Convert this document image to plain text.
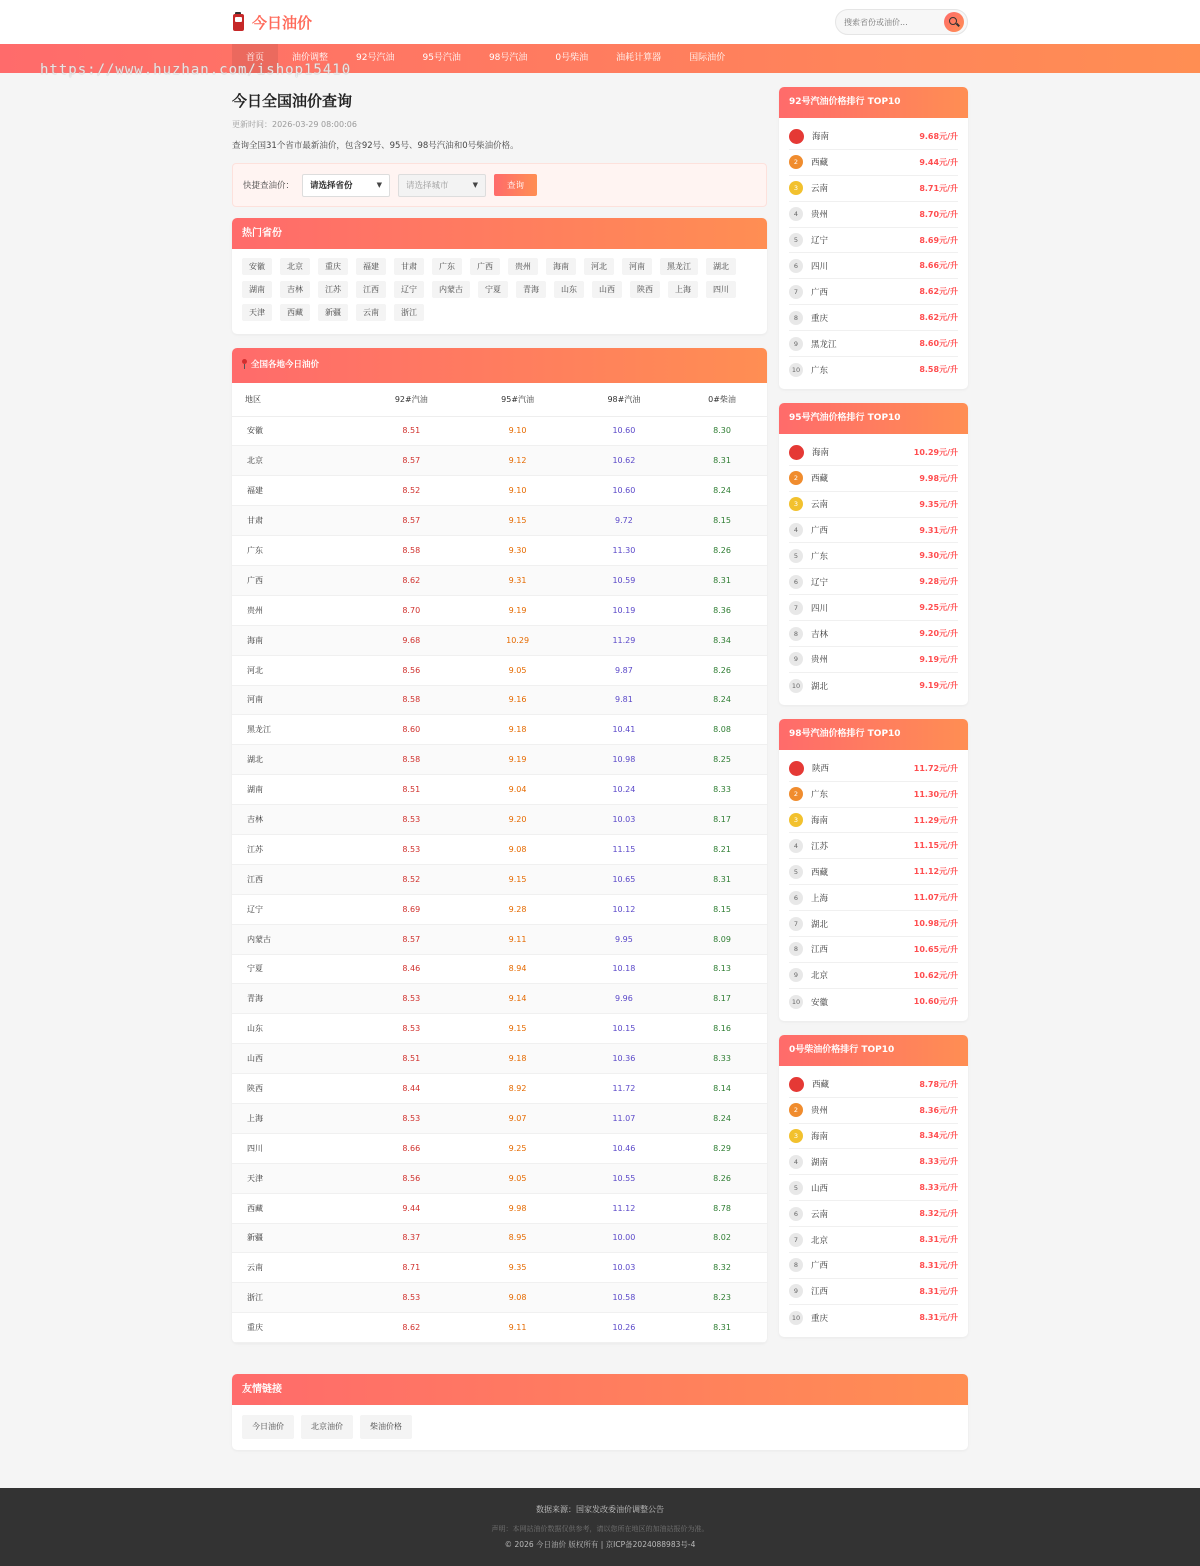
今日油价
搜索省份或油价...
首页	油价调整	92号汽油	95号汽油	98号汽油	0号柴油	油耗计算器	国际油价
https://www.huzhan.com/ishop15410
今日全国油价查询
更新时间：2026-03-29 08:00:06
查询全国31个省市最新油价，包含92号、95号、98号汽油和0号柴油价格。
快捷查油价： 请选择省份	▼	请选择城市	▼	查询
热门省份
安徽	北京	重庆	福建	甘肃	广东	广西	贵州	海南	河北	河南	黑龙江	湖北
湖南	吉林	江苏	江西	辽宁	内蒙古	宁夏	青海	山东	山西	陕西	上海	四川
天津	西藏	新疆	云南	浙江
全国各地今日油价
地区	92#汽油	95#汽油	98#汽油	0#柴油
安徽	8.51	9.10	10.60	8.30
北京	8.57	9.12	10.62	8.31
福建	8.52	9.10	10.60	8.24
甘肃	8.57	9.15	9.72	8.15
广东	8.58	9.30	11.30	8.26
广西	8.62	9.31	10.59	8.31
贵州	8.70	9.19	10.19	8.36
海南	9.68	10.29	11.29	8.34
河北	8.56	9.05	9.87	8.26
河南	8.58	9.16	9.81	8.24
黑龙江	8.60	9.18	10.41	8.08
湖北	8.58	9.19	10.98	8.25
湖南	8.51	9.04	10.24	8.33
吉林	8.53	9.20	10.03	8.17
江苏	8.53	9.08	11.15	8.21
江西	8.52	9.15	10.65	8.31
辽宁	8.69	9.28	10.12	8.15
内蒙古	8.57	9.11	9.95	8.09
宁夏	8.46	8.94	10.18	8.13
青海	8.53	9.14	9.96	8.17
山东	8.53	9.15	10.15	8.16
山西	8.51	9.18	10.36	8.33
陕西	8.44	8.92	11.72	8.14
上海	8.53	9.07	11.07	8.24
四川	8.66	9.25	10.46	8.29
天津	8.56	9.05	10.55	8.26
西藏	9.44	9.98	11.12	8.78
新疆	8.37	8.95	10.00	8.02
云南	8.71	9.35	10.03	8.32
浙江	8.53	9.08	10.58	8.23
重庆	8.62	9.11	10.26	8.31
92号汽油价格排行 TOP10
1	海南	9.68元/升
2	西藏	9.44元/升
3	云南	8.71元/升
4	贵州	8.70元/升
5	辽宁	8.69元/升
6	四川	8.66元/升
7	广西	8.62元/升
8	重庆	8.62元/升
9	黑龙江	8.60元/升
10	广东	8.58元/升
95号汽油价格排行 TOP10
1	海南	10.29元/升
2	西藏	9.98元/升
3	云南	9.35元/升
4	广西	9.31元/升
5	广东	9.30元/升
6	辽宁	9.28元/升
7	四川	9.25元/升
8	吉林	9.20元/升
9	贵州	9.19元/升
10	湖北	9.19元/升
98号汽油价格排行 TOP10
1	陕西	11.72元/升
2	广东	11.30元/升
3	海南	11.29元/升
4	江苏	11.15元/升
5	西藏	11.12元/升
6	上海	11.07元/升
7	湖北	10.98元/升
8	江西	10.65元/升
9	北京	10.62元/升
10	安徽	10.60元/升
0号柴油价格排行 TOP10
1	西藏	8.78元/升
2	贵州	8.36元/升
3	海南	8.34元/升
4	湖南	8.33元/升
5	山西	8.33元/升
6	云南	8.32元/升
7	北京	8.31元/升
8	广西	8.31元/升
9	江西	8.31元/升
10	重庆	8.31元/升
友情链接
今日油价	北京油价	柴油价格
数据来源：国家发改委油价调整公告
声明：本网站油价数据仅供参考，请以您所在地区的加油站报价为准。
© 2026 今日油价 版权所有 | 京ICP备2024088983号-4
